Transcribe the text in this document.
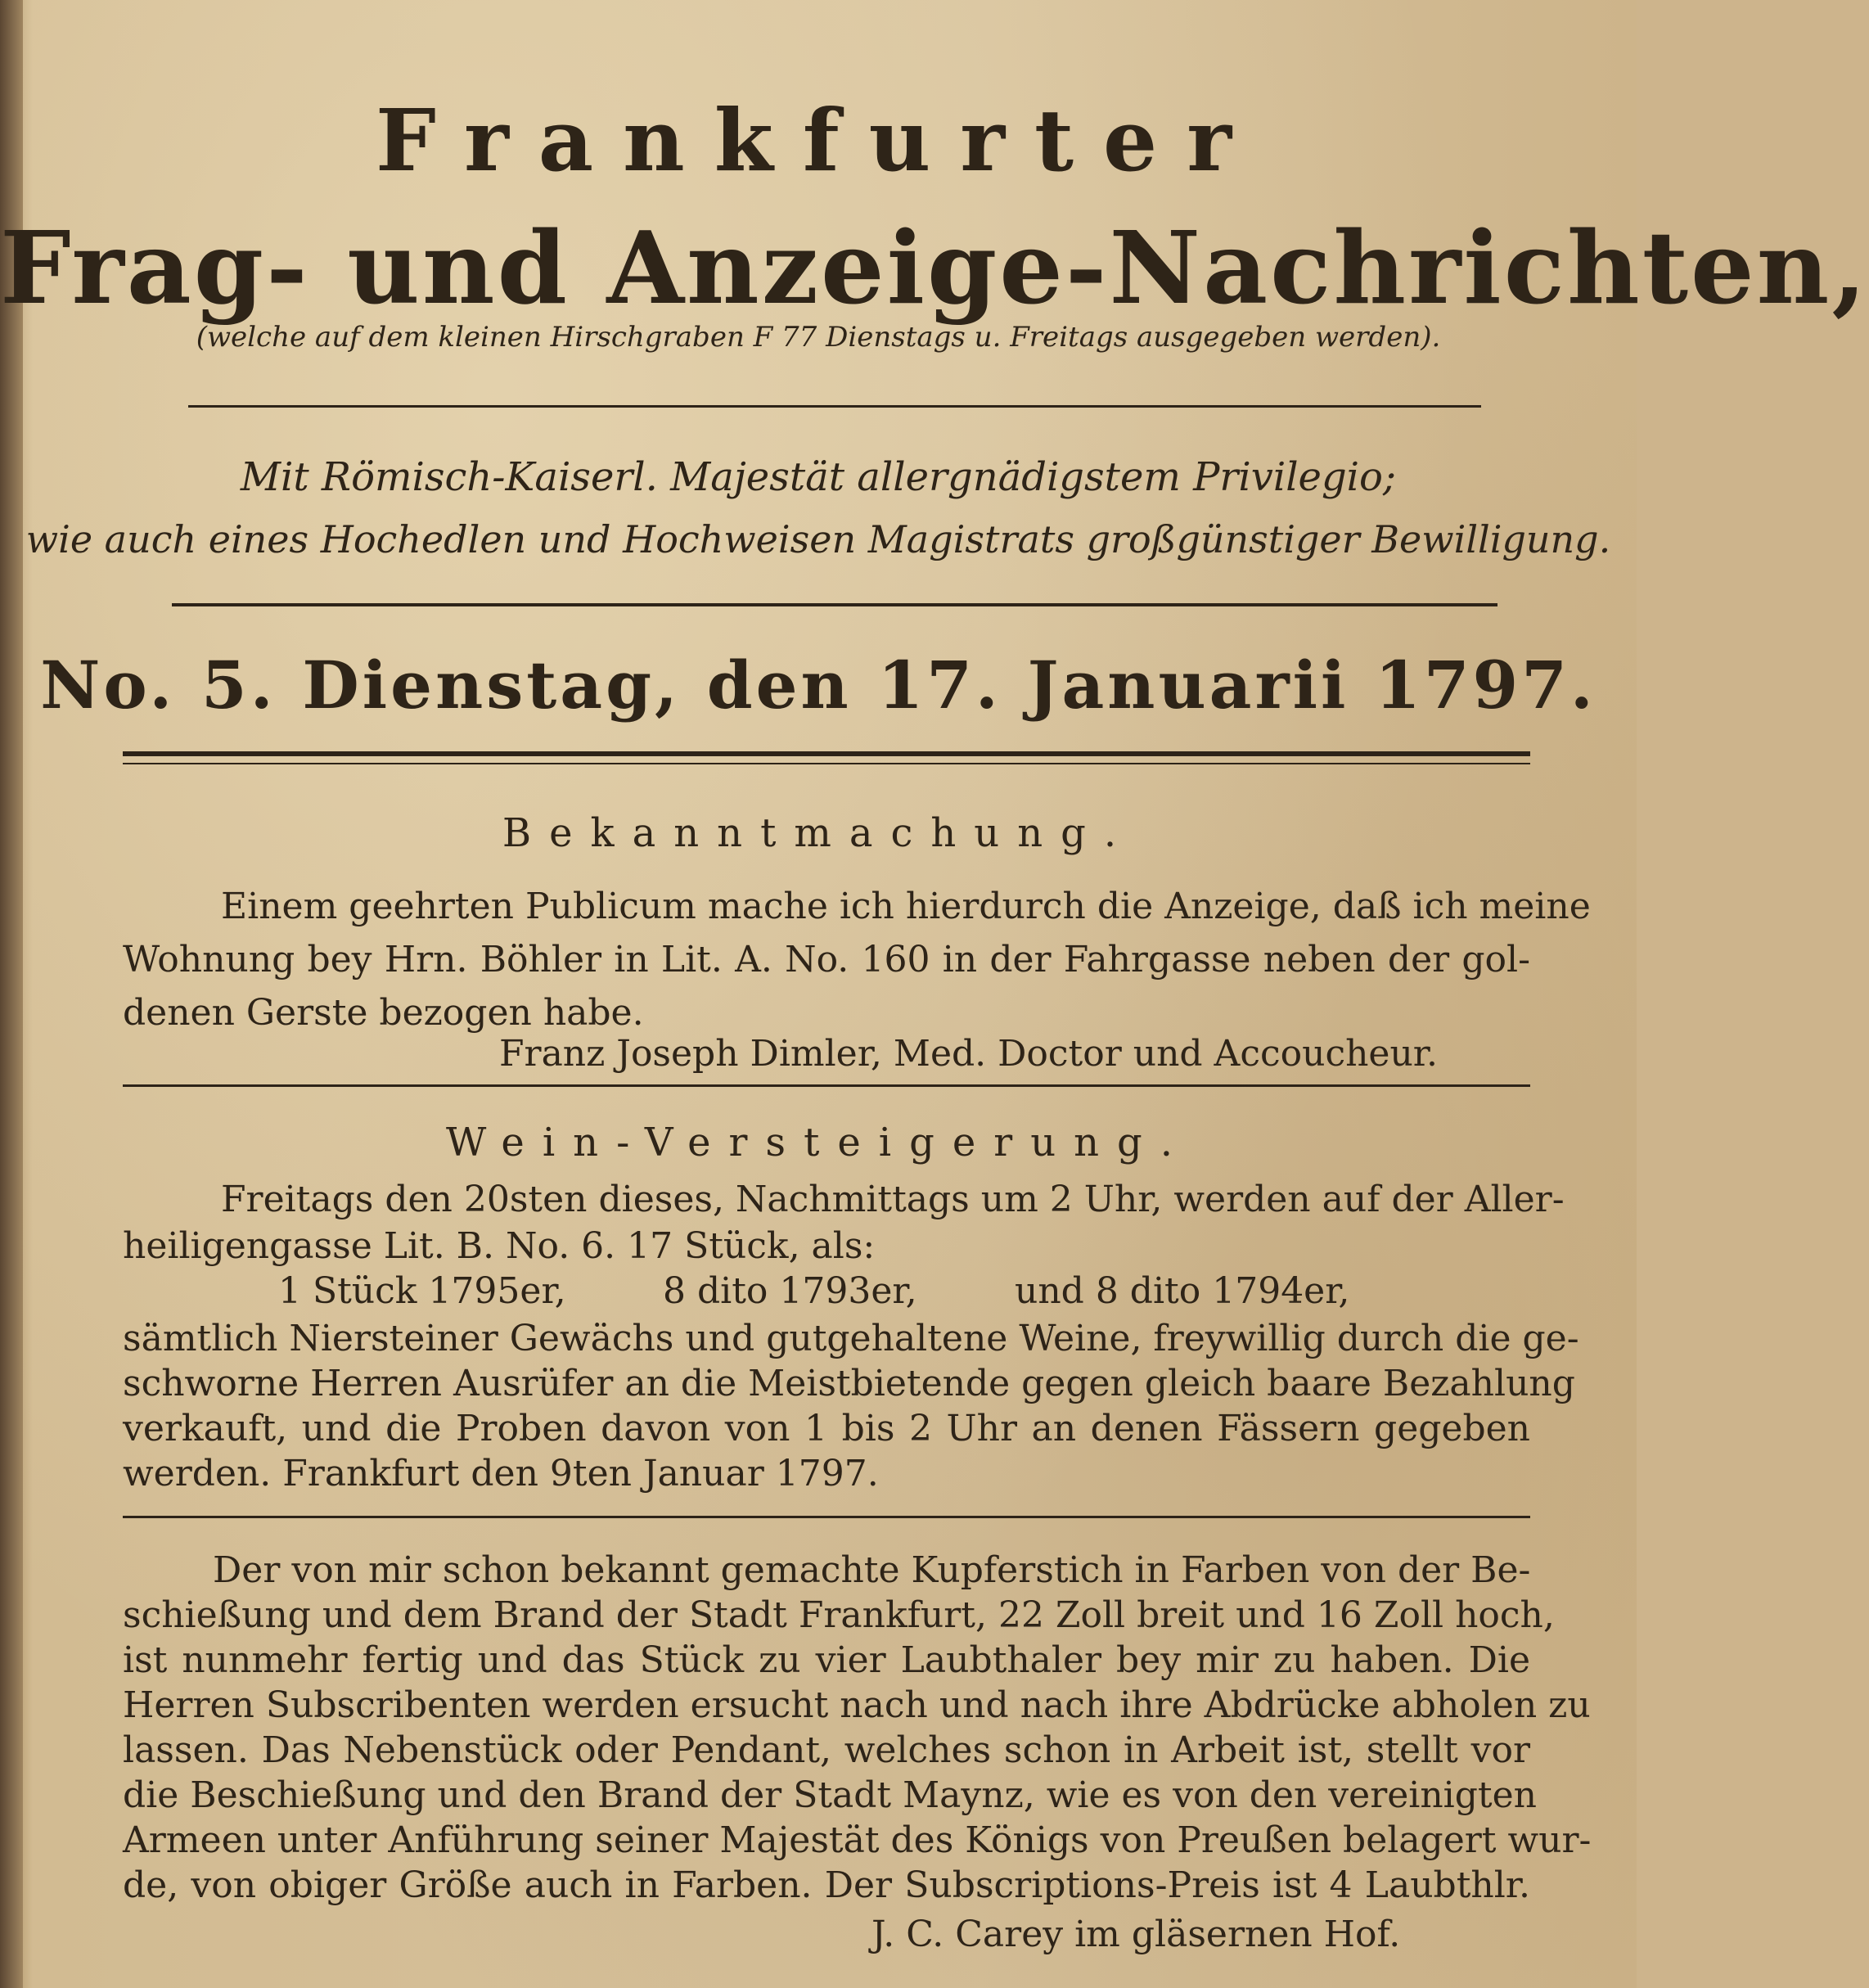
Frankfurter
Frag- und Anzeige-Nachrichten,
(welche auf dem kleinen Hirschgraben F 77 Dienstags u. Freitags ausgegeben werden).
Mit Römisch-Kaiserl. Majestät allergnädigstem Privilegio;
wie auch eines Hochedlen und Hochweisen Magistrats großgünstiger Bewilligung.
No. 5. Dienstag, den 17. Januarii 1797.
Bekanntmachung.
Einem geehrten Publicum mache ich hierdurch die Anzeige, daß ich meine
Wohnung bey Hrn. Böhler in Lit. A. No. 160 in der Fahrgasse neben der gol-
denen Gerste bezogen habe.
Franz Joseph Dimler, Med. Doctor und Accoucheur.
Wein-Versteigerung.
Freitags den 20sten dieses, Nachmittags um 2 Uhr, werden auf der Aller-
heiligengasse Lit. B. No. 6. 17 Stück, als:
1 Stück 1795er,	8 dito 1793er,	und 8 dito 1794er,
sämtlich Niersteiner Gewächs und gutgehaltene Weine, freywillig durch die ge-
schworne Herren Ausrüfer an die Meistbietende gegen gleich baare Bezahlung
verkauft, und die Proben davon von 1 bis 2 Uhr an denen Fässern gegeben
werden. Frankfurt den 9ten Januar 1797.
Der von mir schon bekannt gemachte Kupferstich in Farben von der Be-
schießung und dem Brand der Stadt Frankfurt, 22 Zoll breit und 16 Zoll hoch,
ist nunmehr fertig und das Stück zu vier Laubthaler bey mir zu haben. Die
Herren Subscribenten werden ersucht nach und nach ihre Abdrücke abholen zu
lassen. Das Nebenstück oder Pendant, welches schon in Arbeit ist, stellt vor
die Beschießung und den Brand der Stadt Maynz, wie es von den vereinigten
Armeen unter Anführung seiner Majestät des Königs von Preußen belagert wur-
de, von obiger Größe auch in Farben. Der Subscriptions-Preis ist 4 Laubthlr.
J. C. Carey im gläsernen Hof.
